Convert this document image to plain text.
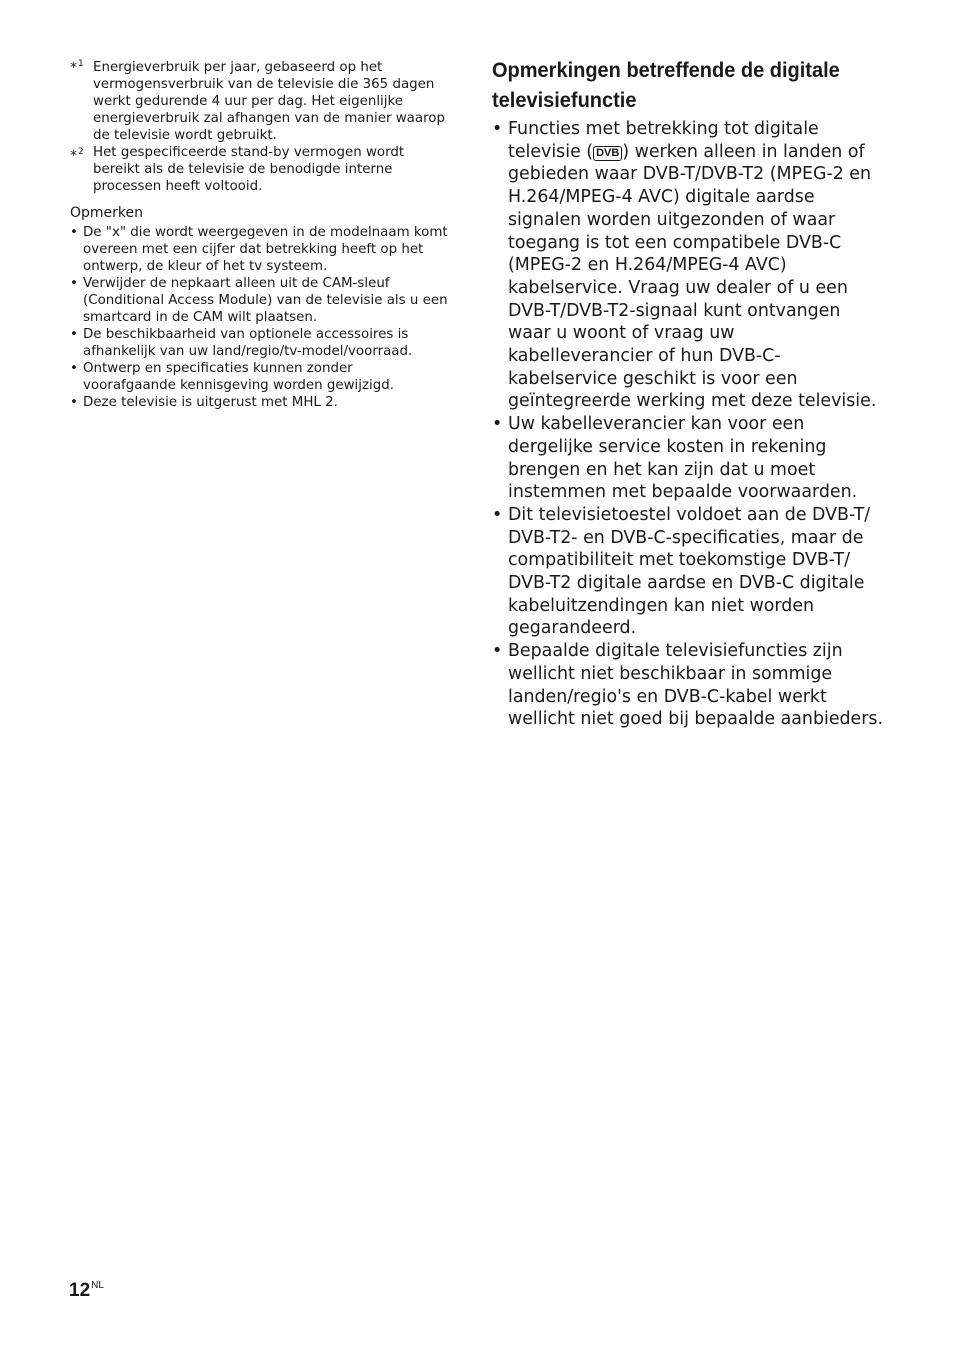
*$^1$ Energieverbruik per jaar, gebaseerd op het vermogensverbruik van de televisie die 365 dagen werkt gedurende 4 uur per dag. Het eigenlijke energieverbruik zal afhangen van de manier waarop de televisie wordt gebruikt.

*$^2$ Het gespecificeerde stand-by vermogen wordt bereikt als de televisie de benodigde interne processen heeft voltooid.

Opmerken
• De "x" die wordt weergegeven in de modelnaam komt overeen met een cijfer dat betrekking heeft op het ontwerp, de kleur of het tv systeem.
• Verwijder de nepkaart alleen uit de CAM-sleuf (Conditional Access Module) van de televisie als u een smartcard in de CAM wilt plaatsen.
• De beschikbaarheid van optionele accessoires is afhankelijk van uw land/regio/tv-model/voorraad.
• Ontwerp en specificaties kunnen zonder voorafgaande kennisgeving worden gewijzigd.
• Deze televisie is uitgerust met MHL 2.
Opmerkingen betreffende de digitale televisiefunctie
• Functies met betrekking tot digitale televisie ( DVB ) werken alleen in landen of gebieden waar DVB-T/DVB-T2 (MPEG-2 en H.264/MPEG-4 AVC) digitale aardse signalen worden uitgezonden of waar toegang is tot een compatibele DVB-C (MPEG-2 en H.264/MPEG-4 AVC) kabelservice. Vraag uw dealer of u een DVB-T/DVB-T2-signaal kunt ontvangen waar u woont of vraag uw kabelleverancier of hun DVB-C-kabelservice geschikt is voor een geïntegreerde werking met deze televisie.
• Uw kabelleverancier kan voor een dergelijke service kosten in rekening brengen en het kan zijn dat u moet instemmen met bepaalde voorwaarden.
• Dit televisietoestel voldoet aan de DVB-T/ DVB-T2- en DVB-C-specificaties, maar de compatibiliteit met toekomstige DVB-T/ DVB-T2 digitale aardse en DVB-C digitale kabeluitzendingen kan niet worden gegarandeerd.
• Bepaalde digitale televisiefuncties zijn wellicht niet beschikbaar in sommige landen/regio's en DVB-C-kabel werkt wellicht niet goed bij bepaalde aanbieders.
$12^{NL}$
